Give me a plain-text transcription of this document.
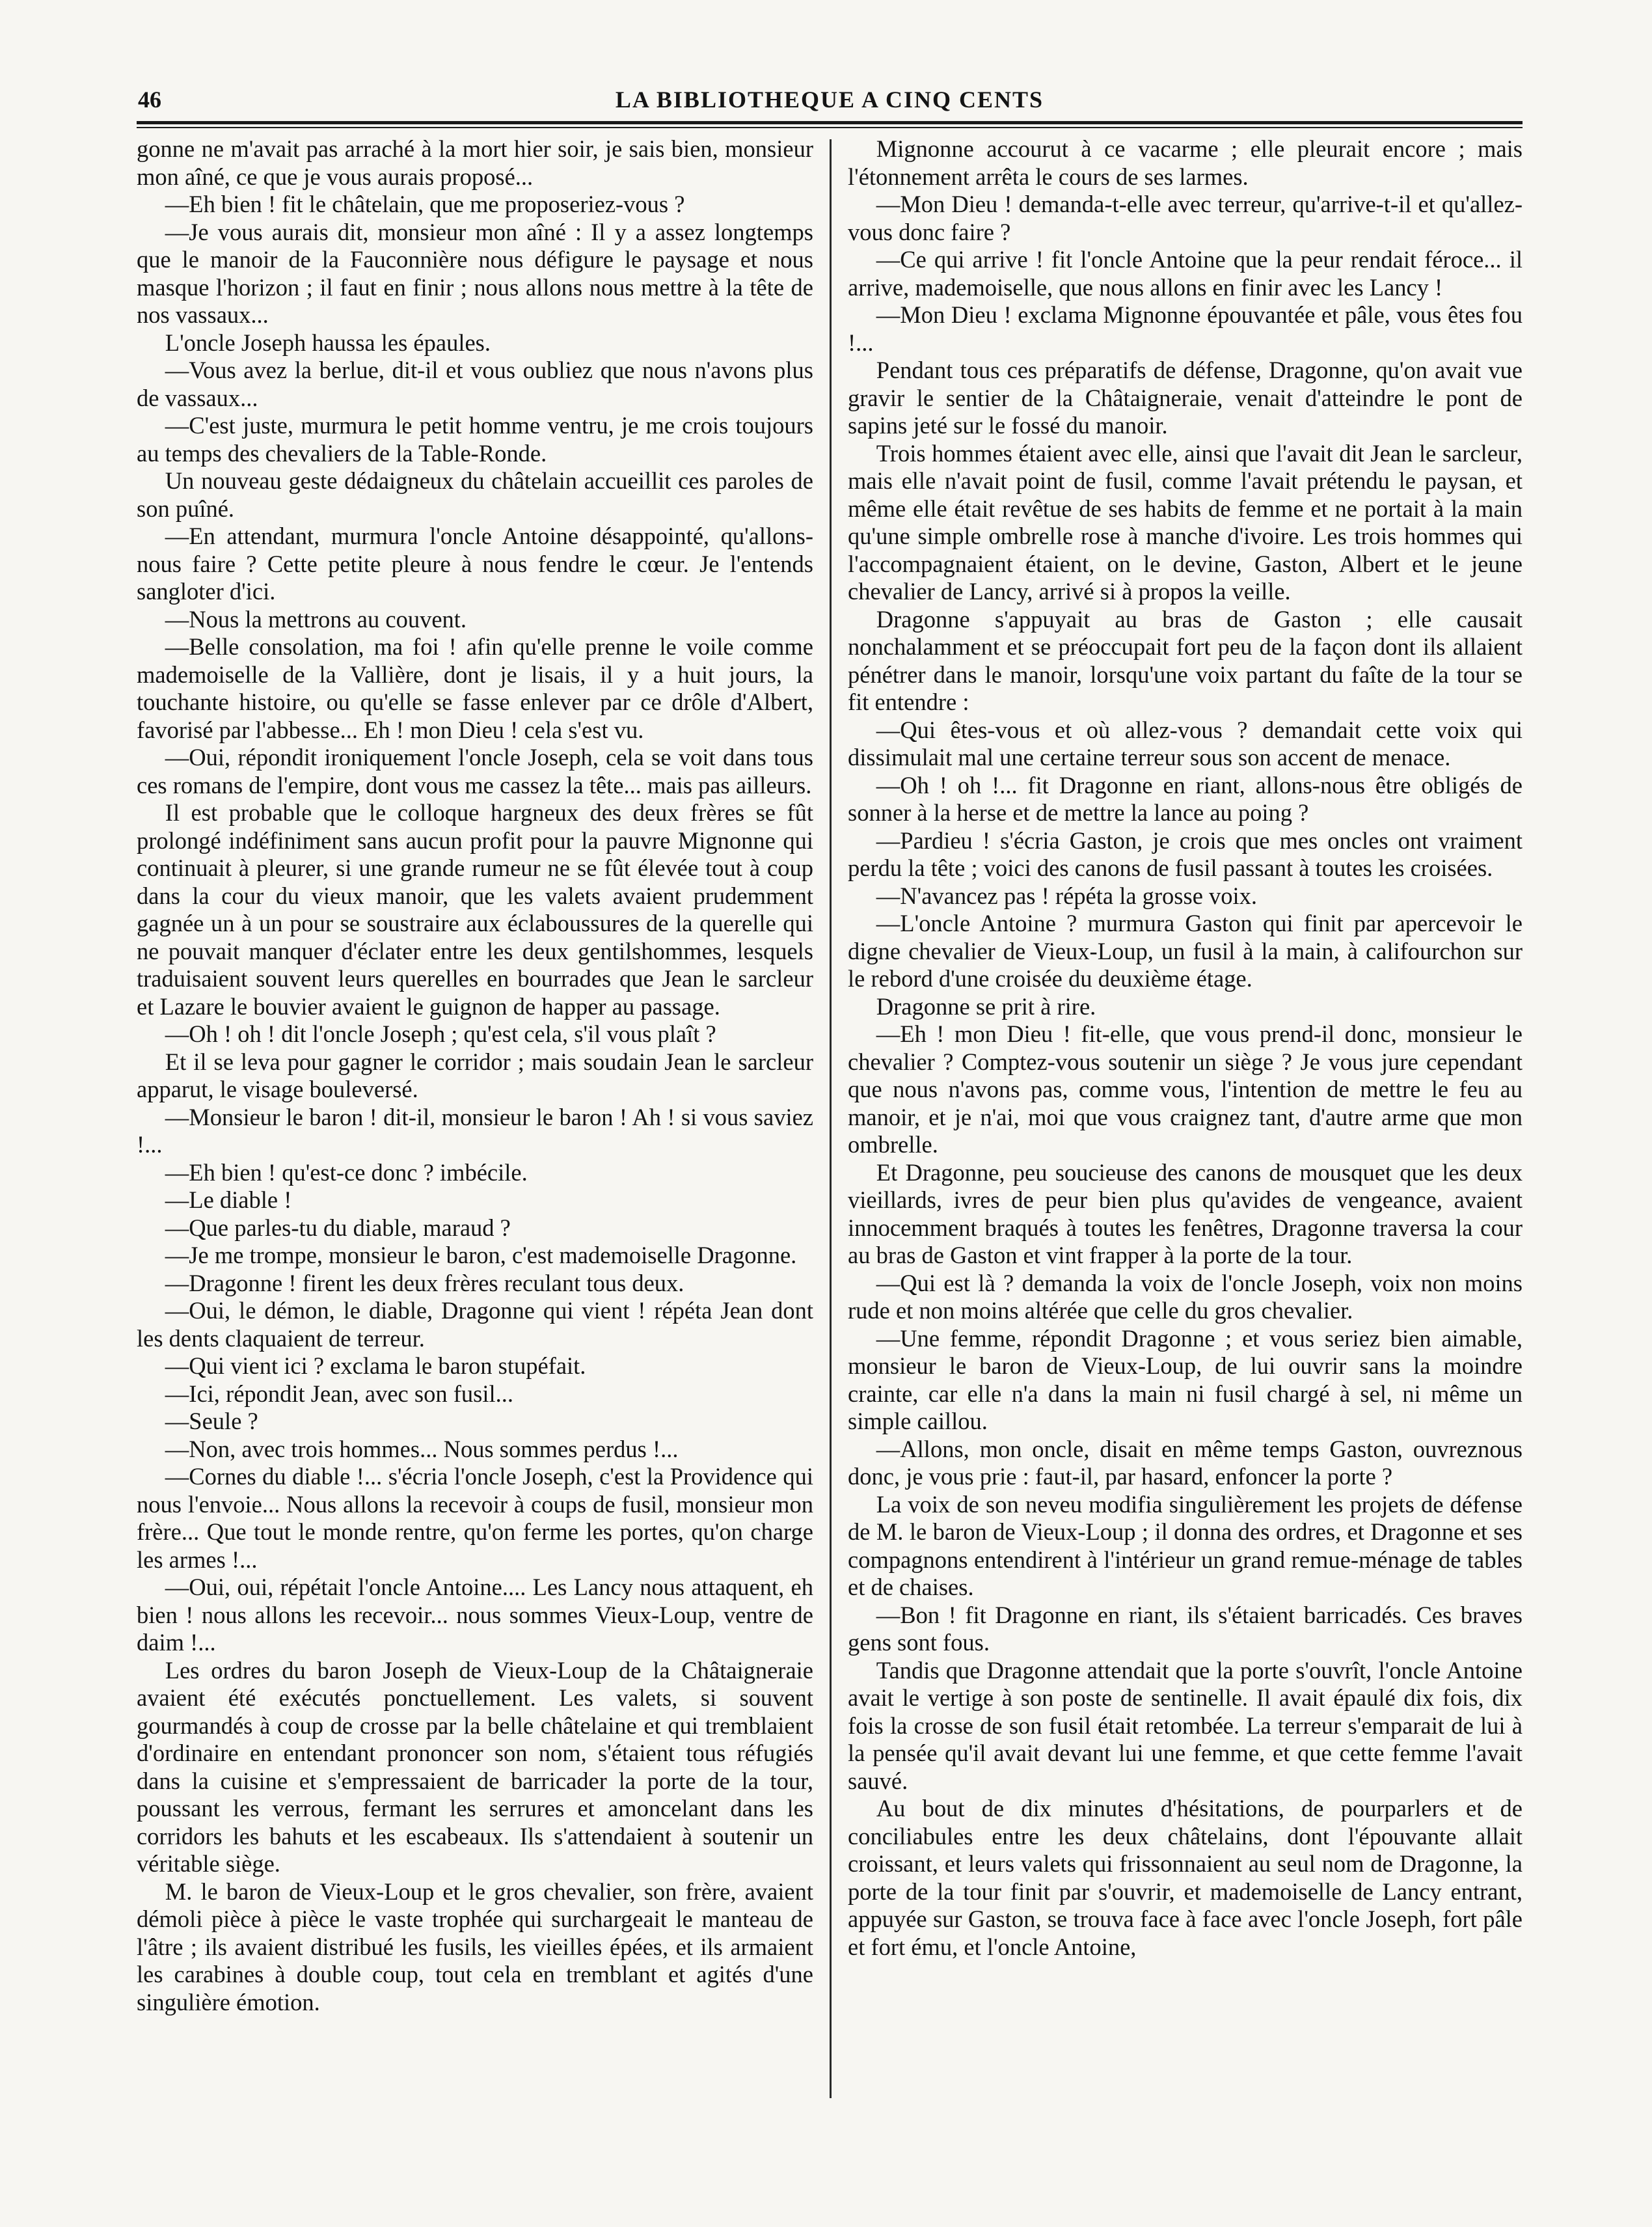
46	LA BIBLIOTHEQUE A CINQ CENTS

gonne ne m'avait pas arraché à la mort hier soir, je sais bien, monsieur mon aîné, ce que je vous aurais proposé...

—Eh bien ! fit le châtelain, que me proposeriez-vous ?

—Je vous aurais dit, monsieur mon aîné : Il y a assez longtemps que le manoir de la Fauconnière nous défigure le paysage et nous masque l'horizon ; il faut en finir ; nous allons nous mettre à la tête de nos vassaux...

L'oncle Joseph haussa les épaules.

—Vous avez la berlue, dit-il et vous oubliez que nous n'avons plus de vassaux...

—C'est juste, murmura le petit homme ventru, je me crois toujours au temps des chevaliers de la Table-Ronde.

Un nouveau geste dédaigneux du châtelain accueillit ces paroles de son puîné.

—En attendant, murmura l'oncle Antoine désappointé, qu'allons-nous faire ? Cette petite pleure à nous fendre le cœur. Je l'entends sangloter d'ici.

—Nous la mettrons au couvent.

—Belle consolation, ma foi ! afin qu'elle prenne le voile comme mademoiselle de la Vallière, dont je lisais, il y a huit jours, la touchante histoire, ou qu'elle se fasse enlever par ce drôle d'Albert, favorisé par l'abbesse... Eh ! mon Dieu ! cela s'est vu.

—Oui, répondit ironiquement l'oncle Joseph, cela se voit dans tous ces romans de l'empire, dont vous me cassez la tête... mais pas ailleurs.

Il est probable que le colloque hargneux des deux frères se fût prolongé indéfiniment sans aucun profit pour la pauvre Mignonne qui continuait à pleurer, si une grande rumeur ne se fût élevée tout à coup dans la cour du vieux manoir, que les valets avaient prudemment gagnée un à un pour se soustraire aux éclaboussures de la querelle qui ne pouvait manquer d'éclater entre les deux gentilshommes, lesquels traduisaient souvent leurs querelles en bourrades que Jean le sarcleur et Lazare le bouvier avaient le guignon de happer au passage.

—Oh ! oh ! dit l'oncle Joseph ; qu'est cela, s'il vous plaît ?

Et il se leva pour gagner le corridor ; mais soudain Jean le sarcleur apparut, le visage bouleversé.

—Monsieur le baron ! dit-il, monsieur le baron ! Ah ! si vous saviez !...

—Eh bien ! qu'est-ce donc ? imbécile.

—Le diable !

—Que parles-tu du diable, maraud ?

—Je me trompe, monsieur le baron, c'est mademoiselle Dragonne.

—Dragonne ! firent les deux frères reculant tous deux.

—Oui, le démon, le diable, Dragonne qui vient ! répéta Jean dont les dents claquaient de terreur.

—Qui vient ici ? exclama le baron stupéfait.

—Ici, répondit Jean, avec son fusil...

—Seule ?

—Non, avec trois hommes... Nous sommes perdus !...

—Cornes du diable !... s'écria l'oncle Joseph, c'est la Providence qui nous l'envoie... Nous allons la recevoir à coups de fusil, monsieur mon frère... Que tout le monde rentre, qu'on ferme les portes, qu'on charge les armes !...

—Oui, oui, répétait l'oncle Antoine.... Les Lancy nous attaquent, eh bien ! nous allons les recevoir... nous sommes Vieux-Loup, ventre de daim !...

Les ordres du baron Joseph de Vieux-Loup de la Châtaigneraie avaient été exécutés ponctuellement. Les valets, si souvent gourmandés à coup de crosse par la belle châtelaine et qui tremblaient d'ordinaire en entendant prononcer son nom, s'étaient tous réfugiés dans la cuisine et s'empressaient de barricader la porte de la tour, poussant les verrous, fermant les serrures et amoncelant dans les corridors les bahuts et les escabeaux. Ils s'attendaient à soutenir un véritable siège.

M. le baron de Vieux-Loup et le gros chevalier, son frère, avaient démoli pièce à pièce le vaste trophée qui surchargeait le manteau de l'âtre ; ils avaient distribué les fusils, les vieilles épées, et ils armaient les carabines à double coup, tout cela en tremblant et agités d'une singulière émotion.

Mignonne accourut à ce vacarme ; elle pleurait encore ; mais l'étonnement arrêta le cours de ses larmes.

—Mon Dieu ! demanda-t-elle avec terreur, qu'arrive-t-il et qu'allez-vous donc faire ?

—Ce qui arrive ! fit l'oncle Antoine que la peur rendait féroce... il arrive, mademoiselle, que nous allons en finir avec les Lancy !

—Mon Dieu ! exclama Mignonne épouvantée et pâle, vous êtes fou !...

Pendant tous ces préparatifs de défense, Dragonne, qu'on avait vue gravir le sentier de la Châtaigneraie, venait d'atteindre le pont de sapins jeté sur le fossé du manoir.

Trois hommes étaient avec elle, ainsi que l'avait dit Jean le sarcleur, mais elle n'avait point de fusil, comme l'avait prétendu le paysan, et même elle était revêtue de ses habits de femme et ne portait à la main qu'une simple ombrelle rose à manche d'ivoire. Les trois hommes qui l'accompagnaient étaient, on le devine, Gaston, Albert et le jeune chevalier de Lancy, arrivé si à propos la veille.

Dragonne s'appuyait au bras de Gaston ; elle causait nonchalamment et se préoccupait fort peu de la façon dont ils allaient pénétrer dans le manoir, lorsqu'une voix partant du faîte de la tour se fit entendre :

—Qui êtes-vous et où allez-vous ? demandait cette voix qui dissimulait mal une certaine terreur sous son accent de menace.

—Oh ! oh !... fit Dragonne en riant, allons-nous être obligés de sonner à la herse et de mettre la lance au poing ?

—Pardieu ! s'écria Gaston, je crois que mes oncles ont vraiment perdu la tête ; voici des canons de fusil passant à toutes les croisées.

—N'avancez pas ! répéta la grosse voix.

—L'oncle Antoine ? murmura Gaston qui finit par apercevoir le digne chevalier de Vieux-Loup, un fusil à la main, à califourchon sur le rebord d'une croisée du deuxième étage.

Dragonne se prit à rire.

—Eh ! mon Dieu ! fit-elle, que vous prend-il donc, monsieur le chevalier ? Comptez-vous soutenir un siège ? Je vous jure cependant que nous n'avons pas, comme vous, l'intention de mettre le feu au manoir, et je n'ai, moi que vous craignez tant, d'autre arme que mon ombrelle.

Et Dragonne, peu soucieuse des canons de mousquet que les deux vieillards, ivres de peur bien plus qu'avides de vengeance, avaient innocemment braqués à toutes les fenêtres, Dragonne traversa la cour au bras de Gaston et vint frapper à la porte de la tour.

—Qui est là ? demanda la voix de l'oncle Joseph, voix non moins rude et non moins altérée que celle du gros chevalier.

—Une femme, répondit Dragonne ; et vous seriez bien aimable, monsieur le baron de Vieux-Loup, de lui ouvrir sans la moindre crainte, car elle n'a dans la main ni fusil chargé à sel, ni même un simple caillou.

—Allons, mon oncle, disait en même temps Gaston, ouvreznous donc, je vous prie : faut-il, par hasard, enfoncer la porte ?

La voix de son neveu modifia singulièrement les projets de défense de M. le baron de Vieux-Loup ; il donna des ordres, et Dragonne et ses compagnons entendirent à l'intérieur un grand remue-ménage de tables et de chaises.

—Bon ! fit Dragonne en riant, ils s'étaient barricadés. Ces braves gens sont fous.

Tandis que Dragonne attendait que la porte s'ouvrît, l'oncle Antoine avait le vertige à son poste de sentinelle. Il avait épaulé dix fois, dix fois la crosse de son fusil était retombée. La terreur s'emparait de lui à la pensée qu'il avait devant lui une femme, et que cette femme l'avait sauvé.

Au bout de dix minutes d'hésitations, de pourparlers et de conciliabules entre les deux châtelains, dont l'épouvante allait croissant, et leurs valets qui frissonnaient au seul nom de Dragonne, la porte de la tour finit par s'ouvrir, et mademoiselle de Lancy entrant, appuyée sur Gaston, se trouva face à face avec l'oncle Joseph, fort pâle et fort ému, et l'oncle Antoine,
